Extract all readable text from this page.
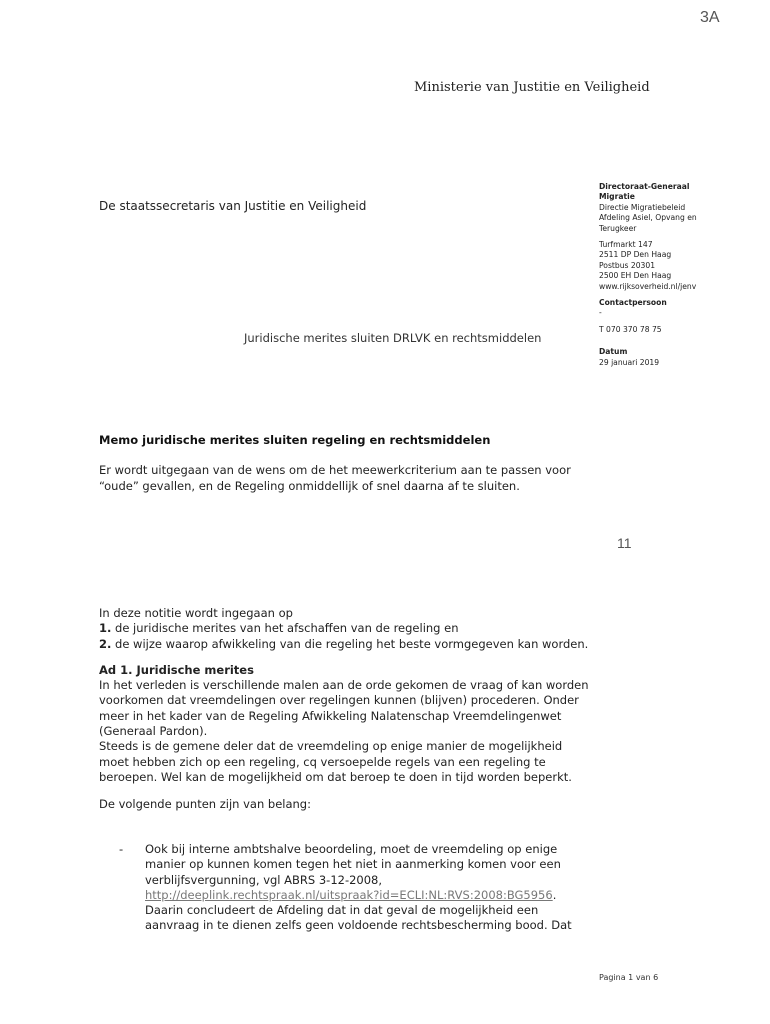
3A
Ministerie van Justitie en Veiligheid
De staatssecretaris van Justitie en Veiligheid
Juridische merites sluiten DRLVK en rechtsmiddelen
Directoraat-Generaal
Migratie
Directie Migratiebeleid
Afdeling Asiel, Opvang en
Terugkeer
Turfmarkt 147
2511 DP Den Haag
Postbus 20301
2500 EH Den Haag
www.rijksoverheid.nl/jenv
Contactpersoon
-
T 070 370 78 75
Datum
29 januari 2019
Memo juridische merites sluiten regeling en rechtsmiddelen
Er wordt uitgegaan van de wens om de het meewerkcriterium aan te passen voor “oude” gevallen, en de Regeling onmiddellijk of snel daarna af te sluiten.
11

In deze notitie wordt ingegaan op

1. de juridische merites van het afschaffen van de regeling en

2. de wijze waarop afwikkeling van die regeling het beste vormgegeven kan worden.

Ad 1. Juridische merites

In het verleden is verschillende malen aan de orde gekomen de vraag of kan worden voorkomen dat vreemdelingen over regelingen kunnen (blijven) procederen. Onder meer in het kader van de Regeling Afwikkeling Nalatenschap Vreemdelingenwet (Generaal Pardon).

Steeds is de gemene deler dat de vreemdeling op enige manier de mogelijkheid moet hebben zich op een regeling, cq versoepelde regels van een regeling te beroepen. Wel kan de mogelijkheid om dat beroep te doen in tijd worden beperkt.

De volgende punten zijn van belang:

- Ook bij interne ambtshalve beoordeling, moet de vreemdeling op enige manier op kunnen komen tegen het niet in aanmerking komen voor een verblijfsvergunning, vgl ABRS 3-12-2008, http://deeplink.rechtspraak.nl/uitspraak?id=ECLI:NL:RVS:2008:BG5956. Daarin concludeert de Afdeling dat in dat geval de mogelijkheid een aanvraag in te dienen zelfs geen voldoende rechtsbescherming bood. Dat
Pagina 1 van 6
